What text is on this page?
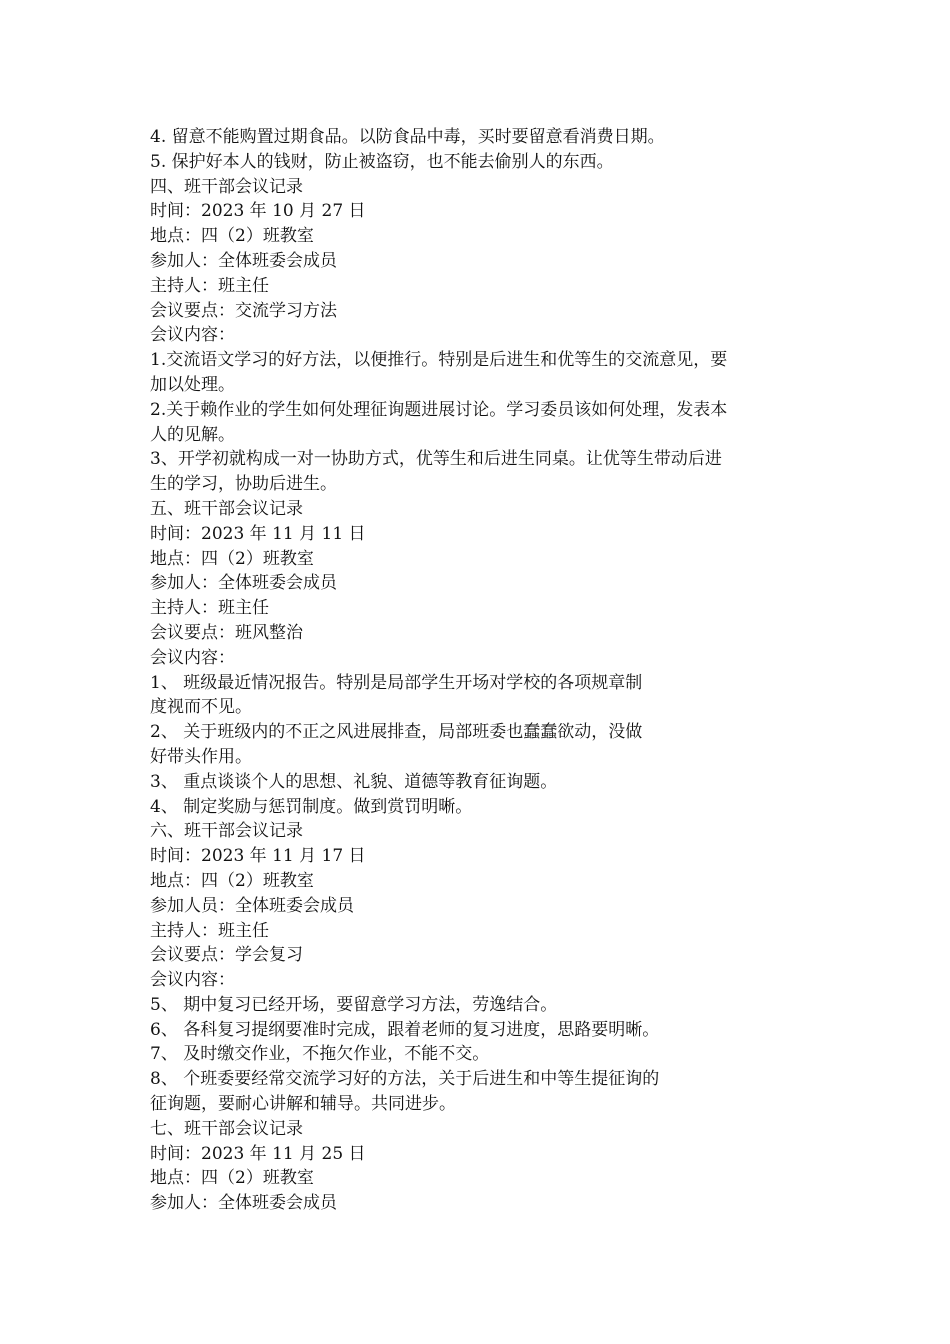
4. 留意不能购置过期食品。以防食品中毒，买时要留意看消费日期。
5. 保护好本人的钱财，防止被盗窃，也不能去偷别人的东西。
四、班干部会议记录
时间：2023 年 10 月 27 日
地点：四（2）班教室
参加人：全体班委会成员
主持人：班主任
会议要点：交流学习方法
会议内容：
1.交流语文学习的好方法，以便推行。特别是后进生和优等生的交流意见，要
加以处理。
2.关于赖作业的学生如何处理征询题进展讨论。学习委员该如何处理，发表本
人的见解。
3、开学初就构成一对一协助方式，优等生和后进生同桌。让优等生带动后进
生的学习，协助后进生。
五、班干部会议记录
时间：2023 年 11 月 11 日
地点：四（2）班教室
参加人：全体班委会成员
主持人：班主任
会议要点：班风整治
会议内容：
1、 班级最近情况报告。特别是局部学生开场对学校的各项规章制
度视而不见。
2、 关于班级内的不正之风进展排查，局部班委也蠢蠢欲动，没做
好带头作用。
3、 重点谈谈个人的思想、礼貌、道德等教育征询题。
4、 制定奖励与惩罚制度。做到赏罚明晰。
六、班干部会议记录
时间：2023 年 11 月 17 日
地点：四（2）班教室
参加人员：全体班委会成员
主持人：班主任
会议要点：学会复习
会议内容：
5、 期中复习已经开场，要留意学习方法，劳逸结合。
6、 各科复习提纲要准时完成，跟着老师的复习进度，思路要明晰。
7、 及时缴交作业，不拖欠作业，不能不交。
8、 个班委要经常交流学习好的方法，关于后进生和中等生提征询的
征询题，要耐心讲解和辅导。共同进步。
七、班干部会议记录
时间：2023 年 11 月 25 日
地点：四（2）班教室
参加人：全体班委会成员
